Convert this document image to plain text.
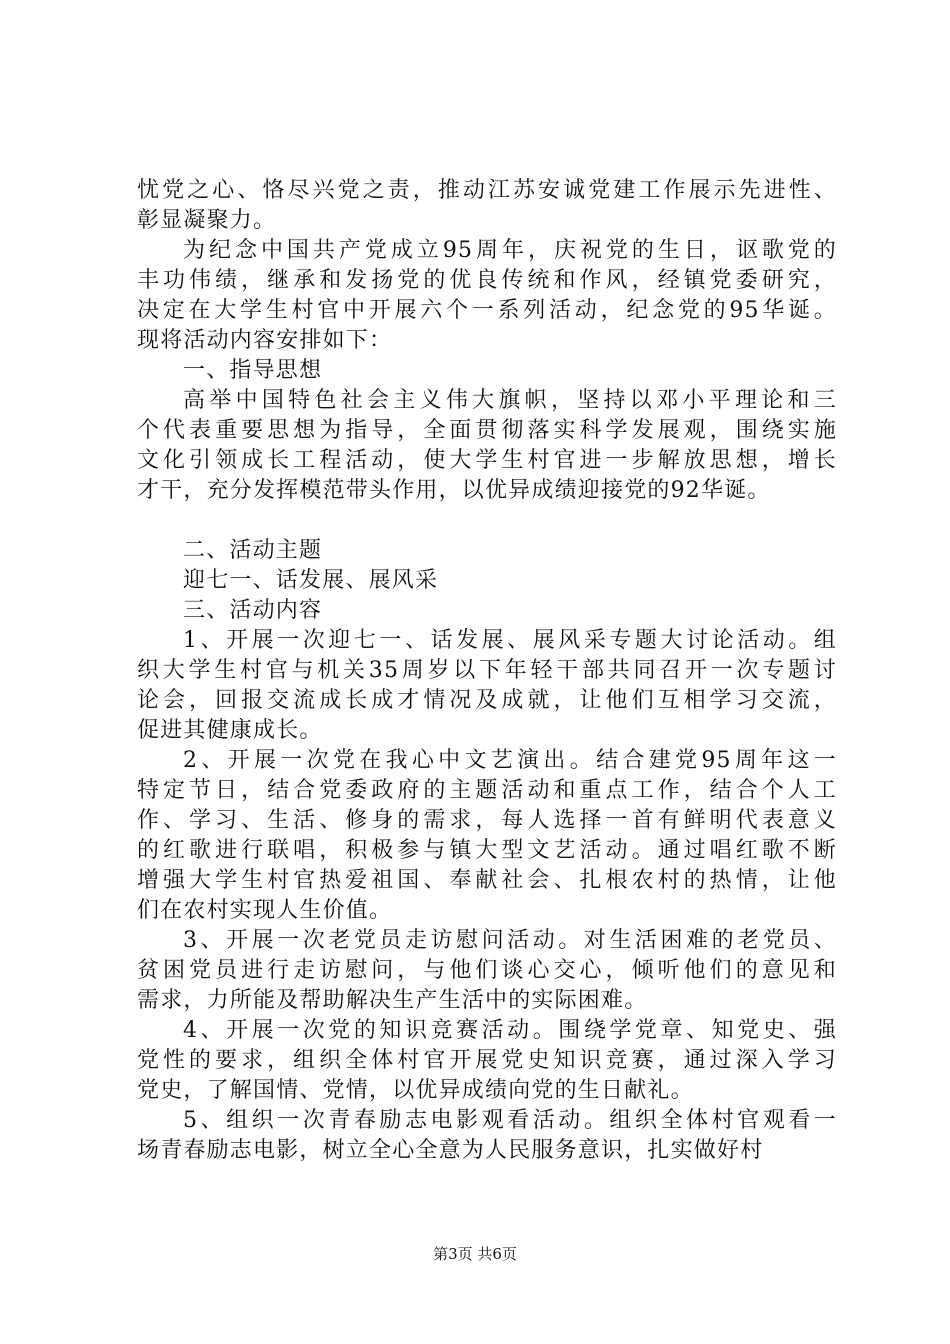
忧党之心、恪尽兴党之责，推动江苏安诚党建工作展示先进性、
彰显凝聚力。
为纪念中国共产党成立95周年，庆祝党的生日，讴歌党的
丰功伟绩，继承和发扬党的优良传统和作风，经镇党委研究，
决定在大学生村官中开展六个一系列活动，纪念党的95华诞。
现将活动内容安排如下：
一、指导思想
高举中国特色社会主义伟大旗帜，坚持以邓小平理论和三
个代表重要思想为指导，全面贯彻落实科学发展观，围绕实施
文化引领成长工程活动，使大学生村官进一步解放思想，增长
才干，充分发挥模范带头作用，以优异成绩迎接党的92华诞。
二、活动主题
迎七一、话发展、展风采
三、活动内容
1、开展一次迎七一、话发展、展风采专题大讨论活动。组
织大学生村官与机关35周岁以下年轻干部共同召开一次专题讨
论会，回报交流成长成才情况及成就，让他们互相学习交流，
促进其健康成长。
2、开展一次党在我心中文艺演出。结合建党95周年这一
特定节日，结合党委政府的主题活动和重点工作，结合个人工
作、学习、生活、修身的需求，每人选择一首有鲜明代表意义
的红歌进行联唱，积极参与镇大型文艺活动。通过唱红歌不断
增强大学生村官热爱祖国、奉献社会、扎根农村的热情，让他
们在农村实现人生价值。
3、开展一次老党员走访慰问活动。对生活困难的老党员、
贫困党员进行走访慰问，与他们谈心交心，倾听他们的意见和
需求，力所能及帮助解决生产生活中的实际困难。
4、开展一次党的知识竞赛活动。围绕学党章、知党史、强
党性的要求，组织全体村官开展党史知识竞赛，通过深入学习
党史，了解国情、党情，以优异成绩向党的生日献礼。
5、组织一次青春励志电影观看活动。组织全体村官观看一
场青春励志电影，树立全心全意为人民服务意识，扎实做好村
第3页 共6页
